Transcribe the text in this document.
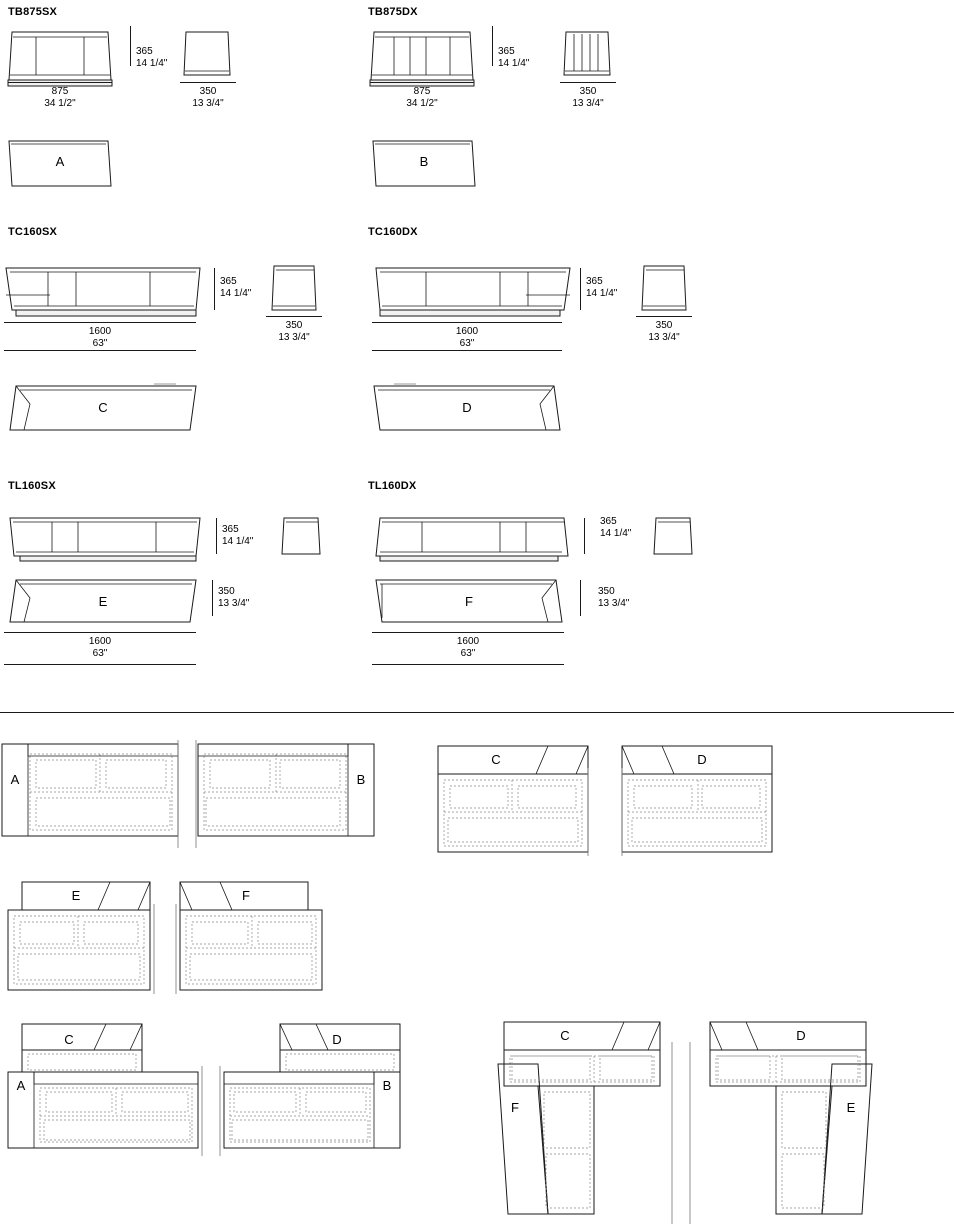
TB875SX
365
14 1/4"
875
34 1/2"
350
13 3/4"
A
TB875DX
365
14 1/4"
875
34 1/2"
350
13 3/4"
B
TC160SX
365
14 1/4"
1600
63"
350
13 3/4"
C
TC160DX
365
14 1/4"
1600
63"
350
13 3/4"
D
TL160SX
365
14 1/4"
E
350
13 3/4"
1600
63"
TL160DX
365
14 1/4"
F
350
13 3/4"
1600
63"
A	B
C	D
E	F
C
A
D
B
C
F
D
E
